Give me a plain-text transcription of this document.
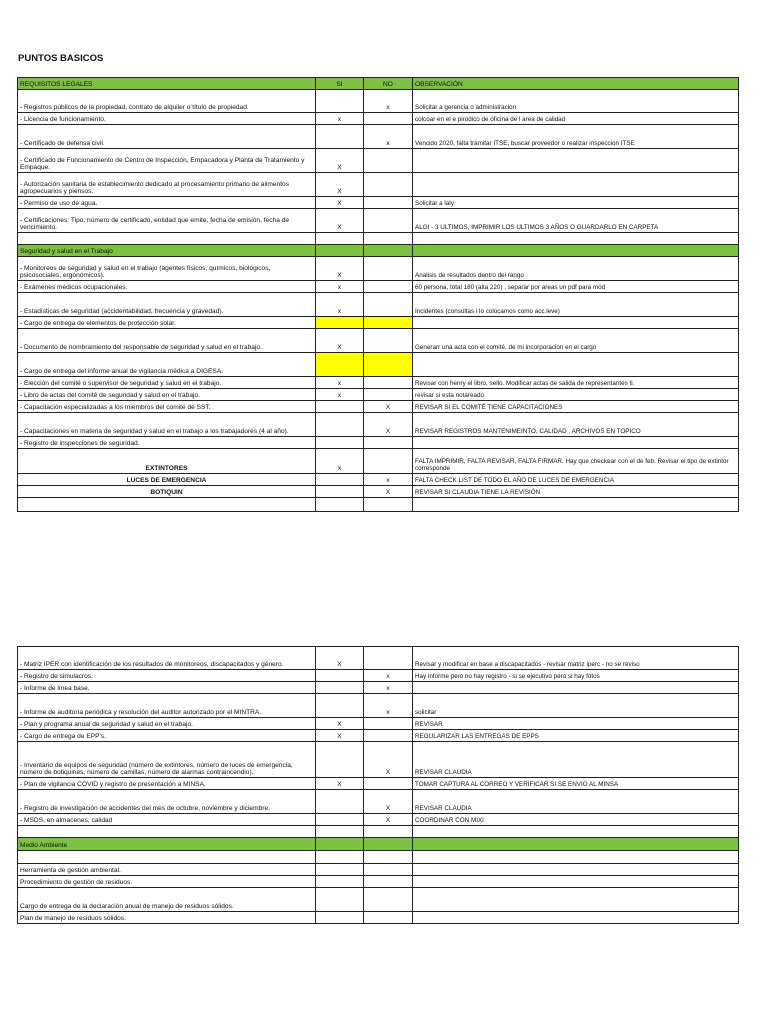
PUNTOS BASICOS
REQUISITOS LEGALES	SI	NO	OBSERVACIÓN
- Registros públicos de la propiedad, contrato de alquiler o título de propiedad.		x	Solicitar a gerencia o administracion
- Licencia de funcionamiento.	x		colcoar en el e pirodico de oficina de l area de calidad
- Certificado de defensa civil.		x	Vencido 2020, falta tramitar ITSE, buscar proveedor o realizar inspeccion ITSE
- Certificado de Funcionamiento de Centro de Inspección, Empacadora y Planta de Tratamiento y Empaque.	X		
- Autorización sanitaria de establecimiento dedicado al procesamiento primario de alimentos agropecuarios y piensos.	X		
- Permiso de uso de agua.	X		Solicitar a laly
- Certificaciones: Tipo, número de certificado, entidad que emite, fecha de emisión, fecha de vencimiento.	X		ALGI - 3 ULTIMOS, IMPRIMIR LOS ULTIMOS 3 AÑOS O GUARDARLO EN CARPETA

Seguridad y salud en el Trabajo			
- Monitoreos de seguridad y salud en el trabajo (agentes físicos, químicos, biológicos, psicosociales, ergonómicos).	X		Analisis de resultados dentro del rango
- Exámenes médicos ocupacionales.	x		60 persona, total 180 (alta 220) , separar por areas un pdf para mod
- Estadísticas de seguridad (accidentabilidad, frecuencia y gravedad).	x		Incidentes (consultas i lo colocamos como acc.leve)
- Cargo de entrega de elementos de protección solar.			
- Documento de nombramiento del responsable de seguridad y salud en el trabajo.	X		Generarr una acta con el comité, de mi incorporacion en el cargo
- Cargo de entrega del informe anual de vigilancia médica a DIGESA.			
- Elección del comité o supervisor de seguridad y salud en el trabajo.	x		Revisar con henry el libro, sello. Modificar actas de salida de representantes ti.
- Libro de actas del comité de seguridad y salud en el trabajo.	x		revisar si esta notareado
- Capacitación especializadas a los miembros del comité de SST.		X	REVISAR SI EL COMITÉ TIENE CAPACITACIONES
- Capacitaciones en materia de seguridad y salud en el trabajo a los trabajadores (4 al año).		X	REVISAR REGISTROS MANTENIMEINTO, CALIDAD , ARCHIVOS EN TOPICO
- Registro de inspecciones de seguridad.			
EXTINTORES	x		FALTA IMPRIMIR, FALTA REVISAR, FALTA FIRMAR. Hay que checkear con el de feb. Revisar el tipo de extintor corresponde
LUCES DE EMERGENCIA		x	FALTA CHECK LIST DE TODO EL AÑO DE LUCES DE EMERGENCIA
BOTIQUIN		X	REVISAR SI CLAUDIA TIENE LA REVISIÓN

- Matriz IPER con identificación de los resultados de monitoreos, discapacitados y género.	X		Revisar y modificar en base a discapacitados - revisar matriz iperc - no se reviso
- Registro de simulacros.		x	Hay informe pero no hay registro - si se ejecutivo pero si hay fotos
- Informe de línea base.		x	
- Informe de auditoría periódica y resolución del auditor autorizado por el MINTRA.		x	solicitar
- Plan y programa anual de seguridad y salud en el trabajo.	X		REVISAR
- Cargo de entrega de EPP's.	X		REGULARIZAR LAS ENTREGAS DE EPPS
- Inventario de equipos de seguridad (número de extintores, número de luces de emergencia, número de botiquines, número de camillas, número de alarmas contraincendio).		X	REVISAR CLAUDIA
- Plan de vigilancia COVID y registro de presentación a MINSA.	X		TOMAR CAPTURA AL CORREO Y VERIFICAR SI SE ENVIO AL MINSA
- Registro de investigación de accidentes del mes de octubre, noviembre y diciembre.		X	REVISAR CLAUDIA
- MSDS, en almacenes, calidad		X	COORDINAR CON MIXI

Medio Ambiente			

Herramienta de gestión ambiental.			
Procedimiento de gestión de residuos.			
Cargo de entrega de la declaración anual de manejo de residuos sólidos.			
Plan de manejo de residuos sólidos.			
